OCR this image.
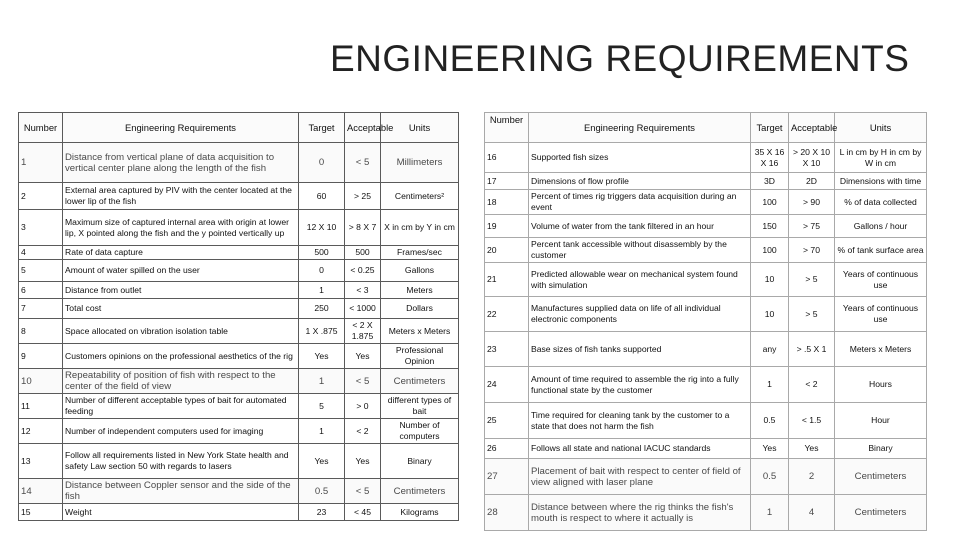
ENGINEERING REQUIREMENTS
Number	Engineering Requirements	Target	Acceptable	Units
1	Distance from vertical plane of data acquisition to vertical center plane along the length of the fish	0	< 5	Millimeters
2	External area captured by PIV with the center located at the lower lip of the fish	60	> 25	Centimeters²
3	Maximum size of captured internal area with origin at lower lip, X pointed along the fish and the y pointed vertically up	12 X 10	> 8 X 7	X in cm by Y in cm
4	Rate of data capture	500	500	Frames/sec
5	Amount of water spilled on the user	0	< 0.25	Gallons
6	Distance from outlet	1	< 3	Meters
7	Total cost	250	< 1000	Dollars
8	Space allocated on vibration isolation table	1 X .875	< 2 X 1.875	Meters x Meters
9	Customers opinions on the professional aesthetics of the rig	Yes	Yes	Professional Opinion
10	Repeatability of position of fish with respect to the center of the field of view	1	< 5	Centimeters
11	Number of different acceptable types of bait for automated feeding	5	> 0	different types of bait
12	Number of independent computers used for imaging	1	< 2	Number of computers
13	Follow all requirements listed in New York State health and safety Law section 50 with regards to lasers	Yes	Yes	Binary
14	Distance between Coppler sensor and the side of the fish	0.5	< 5	Centimeters
15	Weight	23	< 45	Kilograms
Number	Engineering Requirements	Target	Acceptable	Units
16	Supported fish sizes	35 X 16 X 16	> 20 X 10 X 10	L in cm by H in cm by W in cm
17	Dimensions of flow profile	3D	2D	Dimensions with time
18	Percent of times rig triggers data acquisition during an event	100	> 90	% of data collected
19	Volume of water from the tank filtered in an hour	150	> 75	Gallons / hour
20	Percent tank accessible without disassembly by the customer	100	> 70	% of tank surface area
21	Predicted allowable wear on mechanical system found with simulation	10	> 5	Years of continuous use
22	Manufactures supplied data on life of all individual electronic components	10	> 5	Years of continuous use
23	Base sizes of fish tanks supported	any	> .5 X 1	Meters x Meters
24	Amount of time required to assemble the rig into a fully functional state by the customer	1	< 2	Hours
25	Time required for cleaning tank by the customer to a state that does not harm the fish	0.5	< 1.5	Hour
26	Follows all state and national IACUC standards	Yes	Yes	Binary
27	Placement of bait with respect to center of field of view aligned with laser plane	0.5	2	Centimeters
28	Distance between where the rig thinks the fish's mouth is respect to where it actually is	1	4	Centimeters
